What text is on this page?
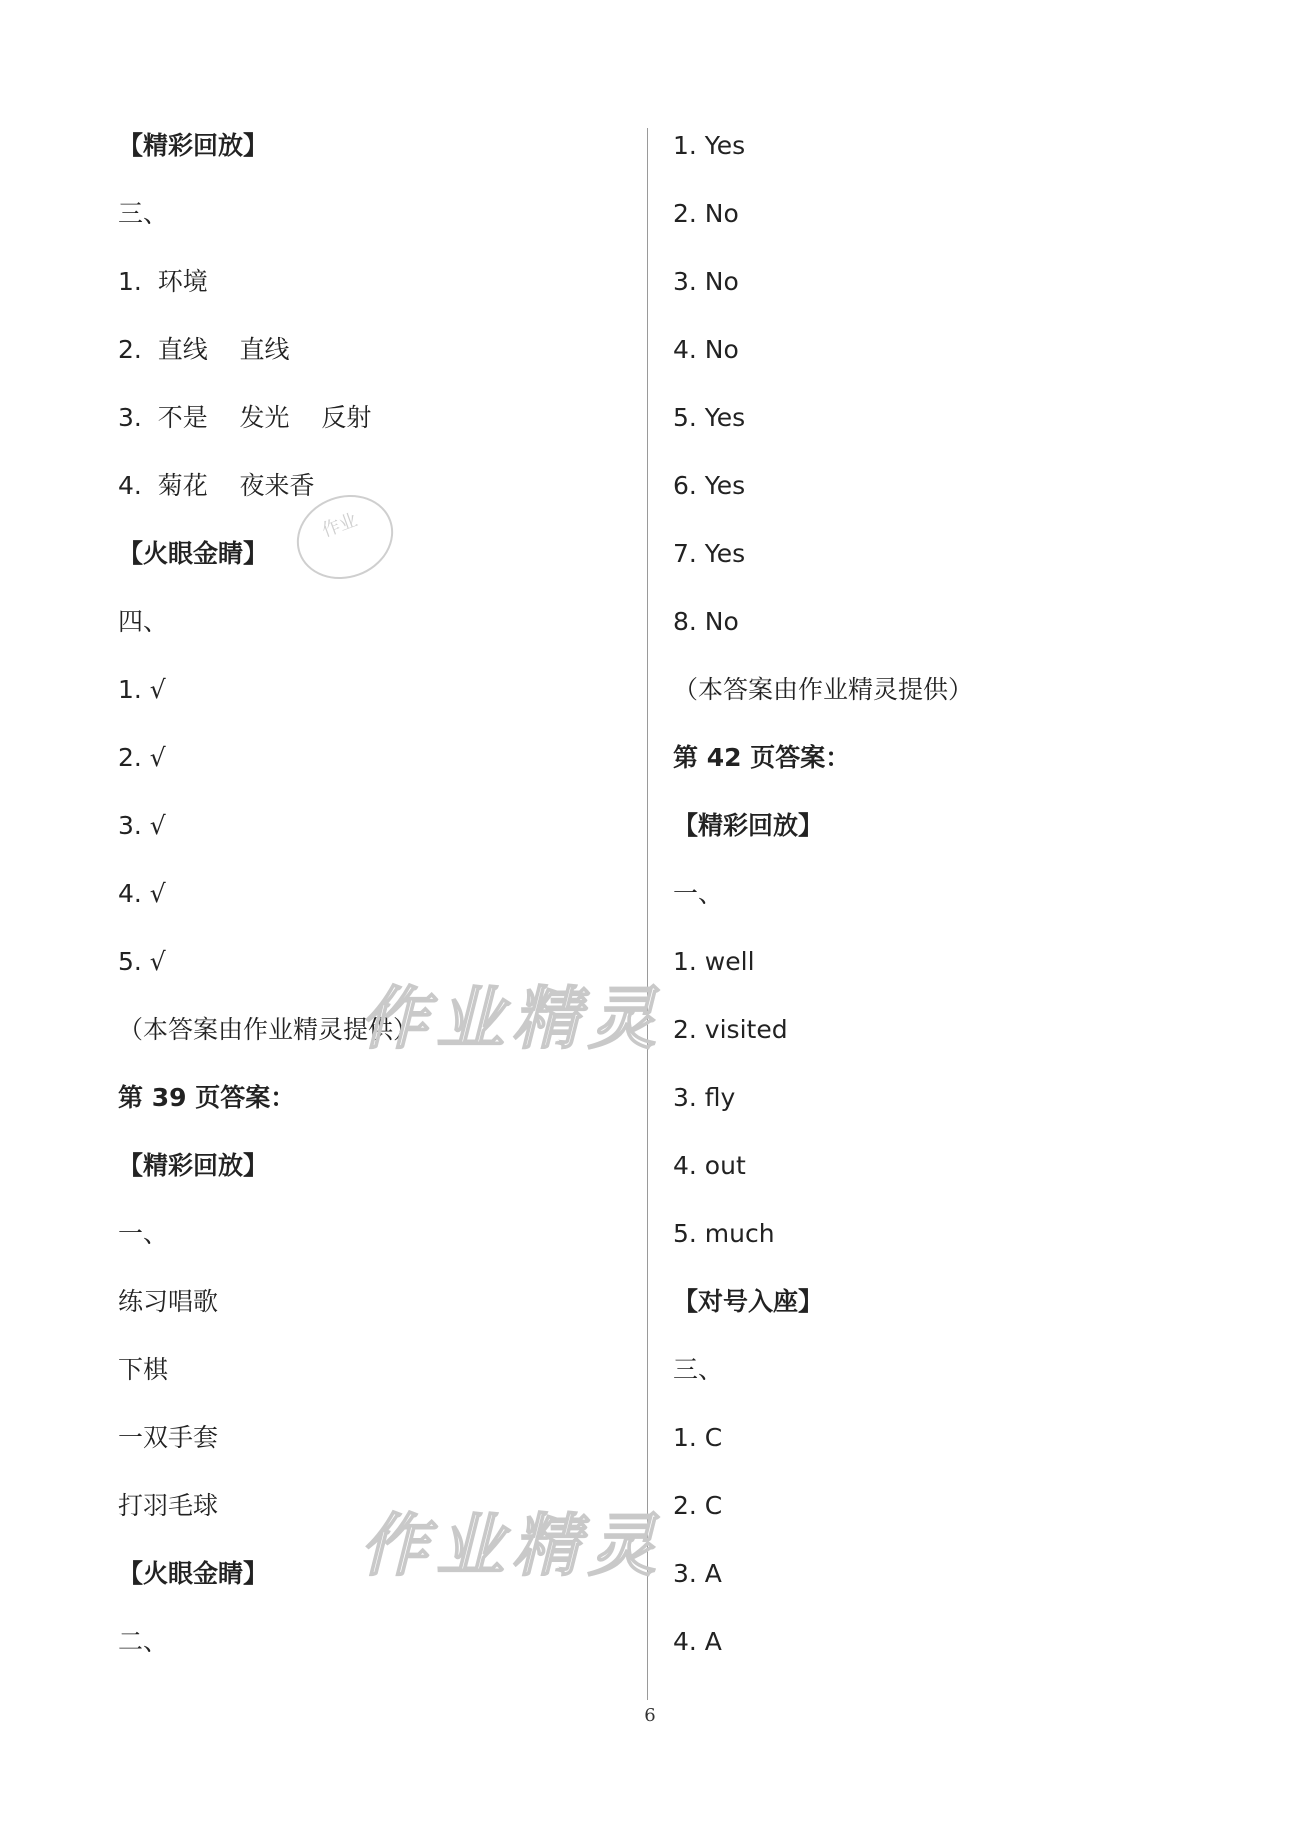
【精彩回放】
三、
1.  环境
2.  直线    直线
3.  不是    发光    反射
4.  菊花    夜来香
【火眼金睛】
四、
1. √
2. √
3. √
4. √
5. √
（本答案由作业精灵提供）
第 39 页答案：
【精彩回放】
一、
练习唱歌
下棋
一双手套
打羽毛球
【火眼金睛】
二、
1. Yes
2. No
3. No
4. No
5. Yes
6. Yes
7. Yes
8. No
（本答案由作业精灵提供）
第 42 页答案：
【精彩回放】
一、
1. well
2. visited
3. fly
4. out
5. much
【对号入座】
三、
1. C
2. C
3. A
4. A
作业精灵
作业精灵
作业
6
